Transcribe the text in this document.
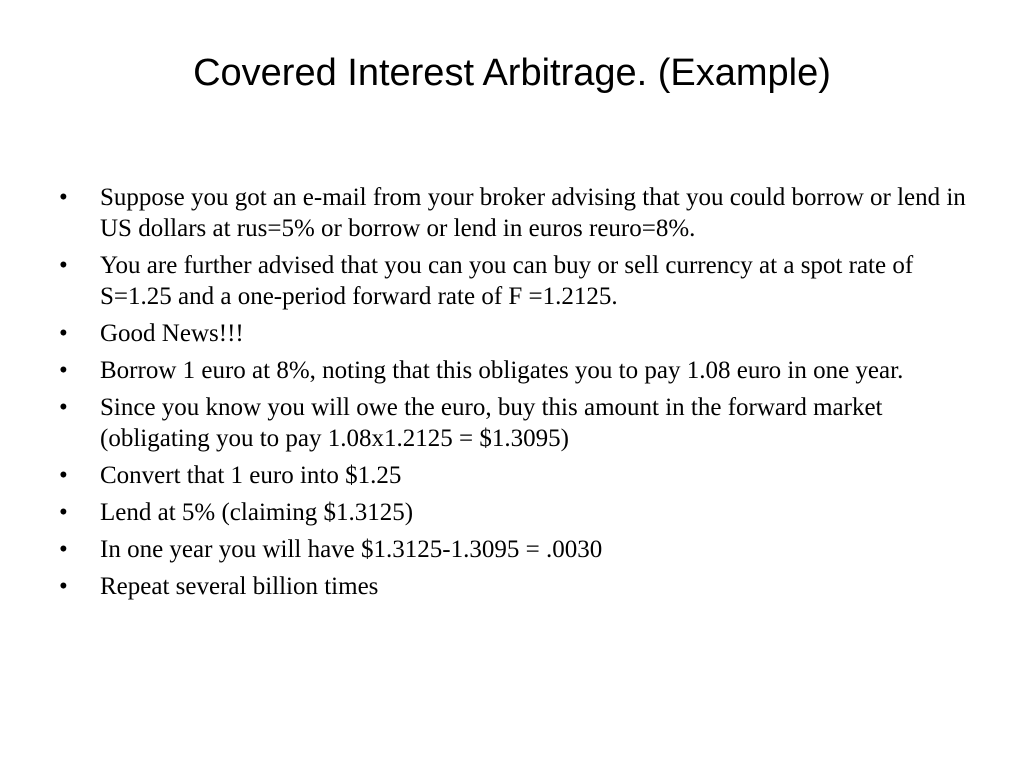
Covered Interest Arbitrage. (Example)
•	Suppose you got an e-mail from your broker advising that you could borrow or lend in US dollars at rus=5% or borrow or lend in euros reuro=8%.
•	You are further advised that you can you can buy or sell currency at a spot rate of S=1.25 and a one-period forward rate of F =1.2125.
•	Good News!!!
•	Borrow 1 euro at 8%, noting that this obligates you to pay 1.08 euro in one year.
•	Since you know you will owe the euro, buy this amount in the forward market (obligating you to pay 1.08x1.2125 = $1.3095)
•	Convert that 1 euro into $1.25
•	Lend at 5% (claiming $1.3125)
•	In one year you will have $1.3125-1.3095 = .0030
•	Repeat several billion times
